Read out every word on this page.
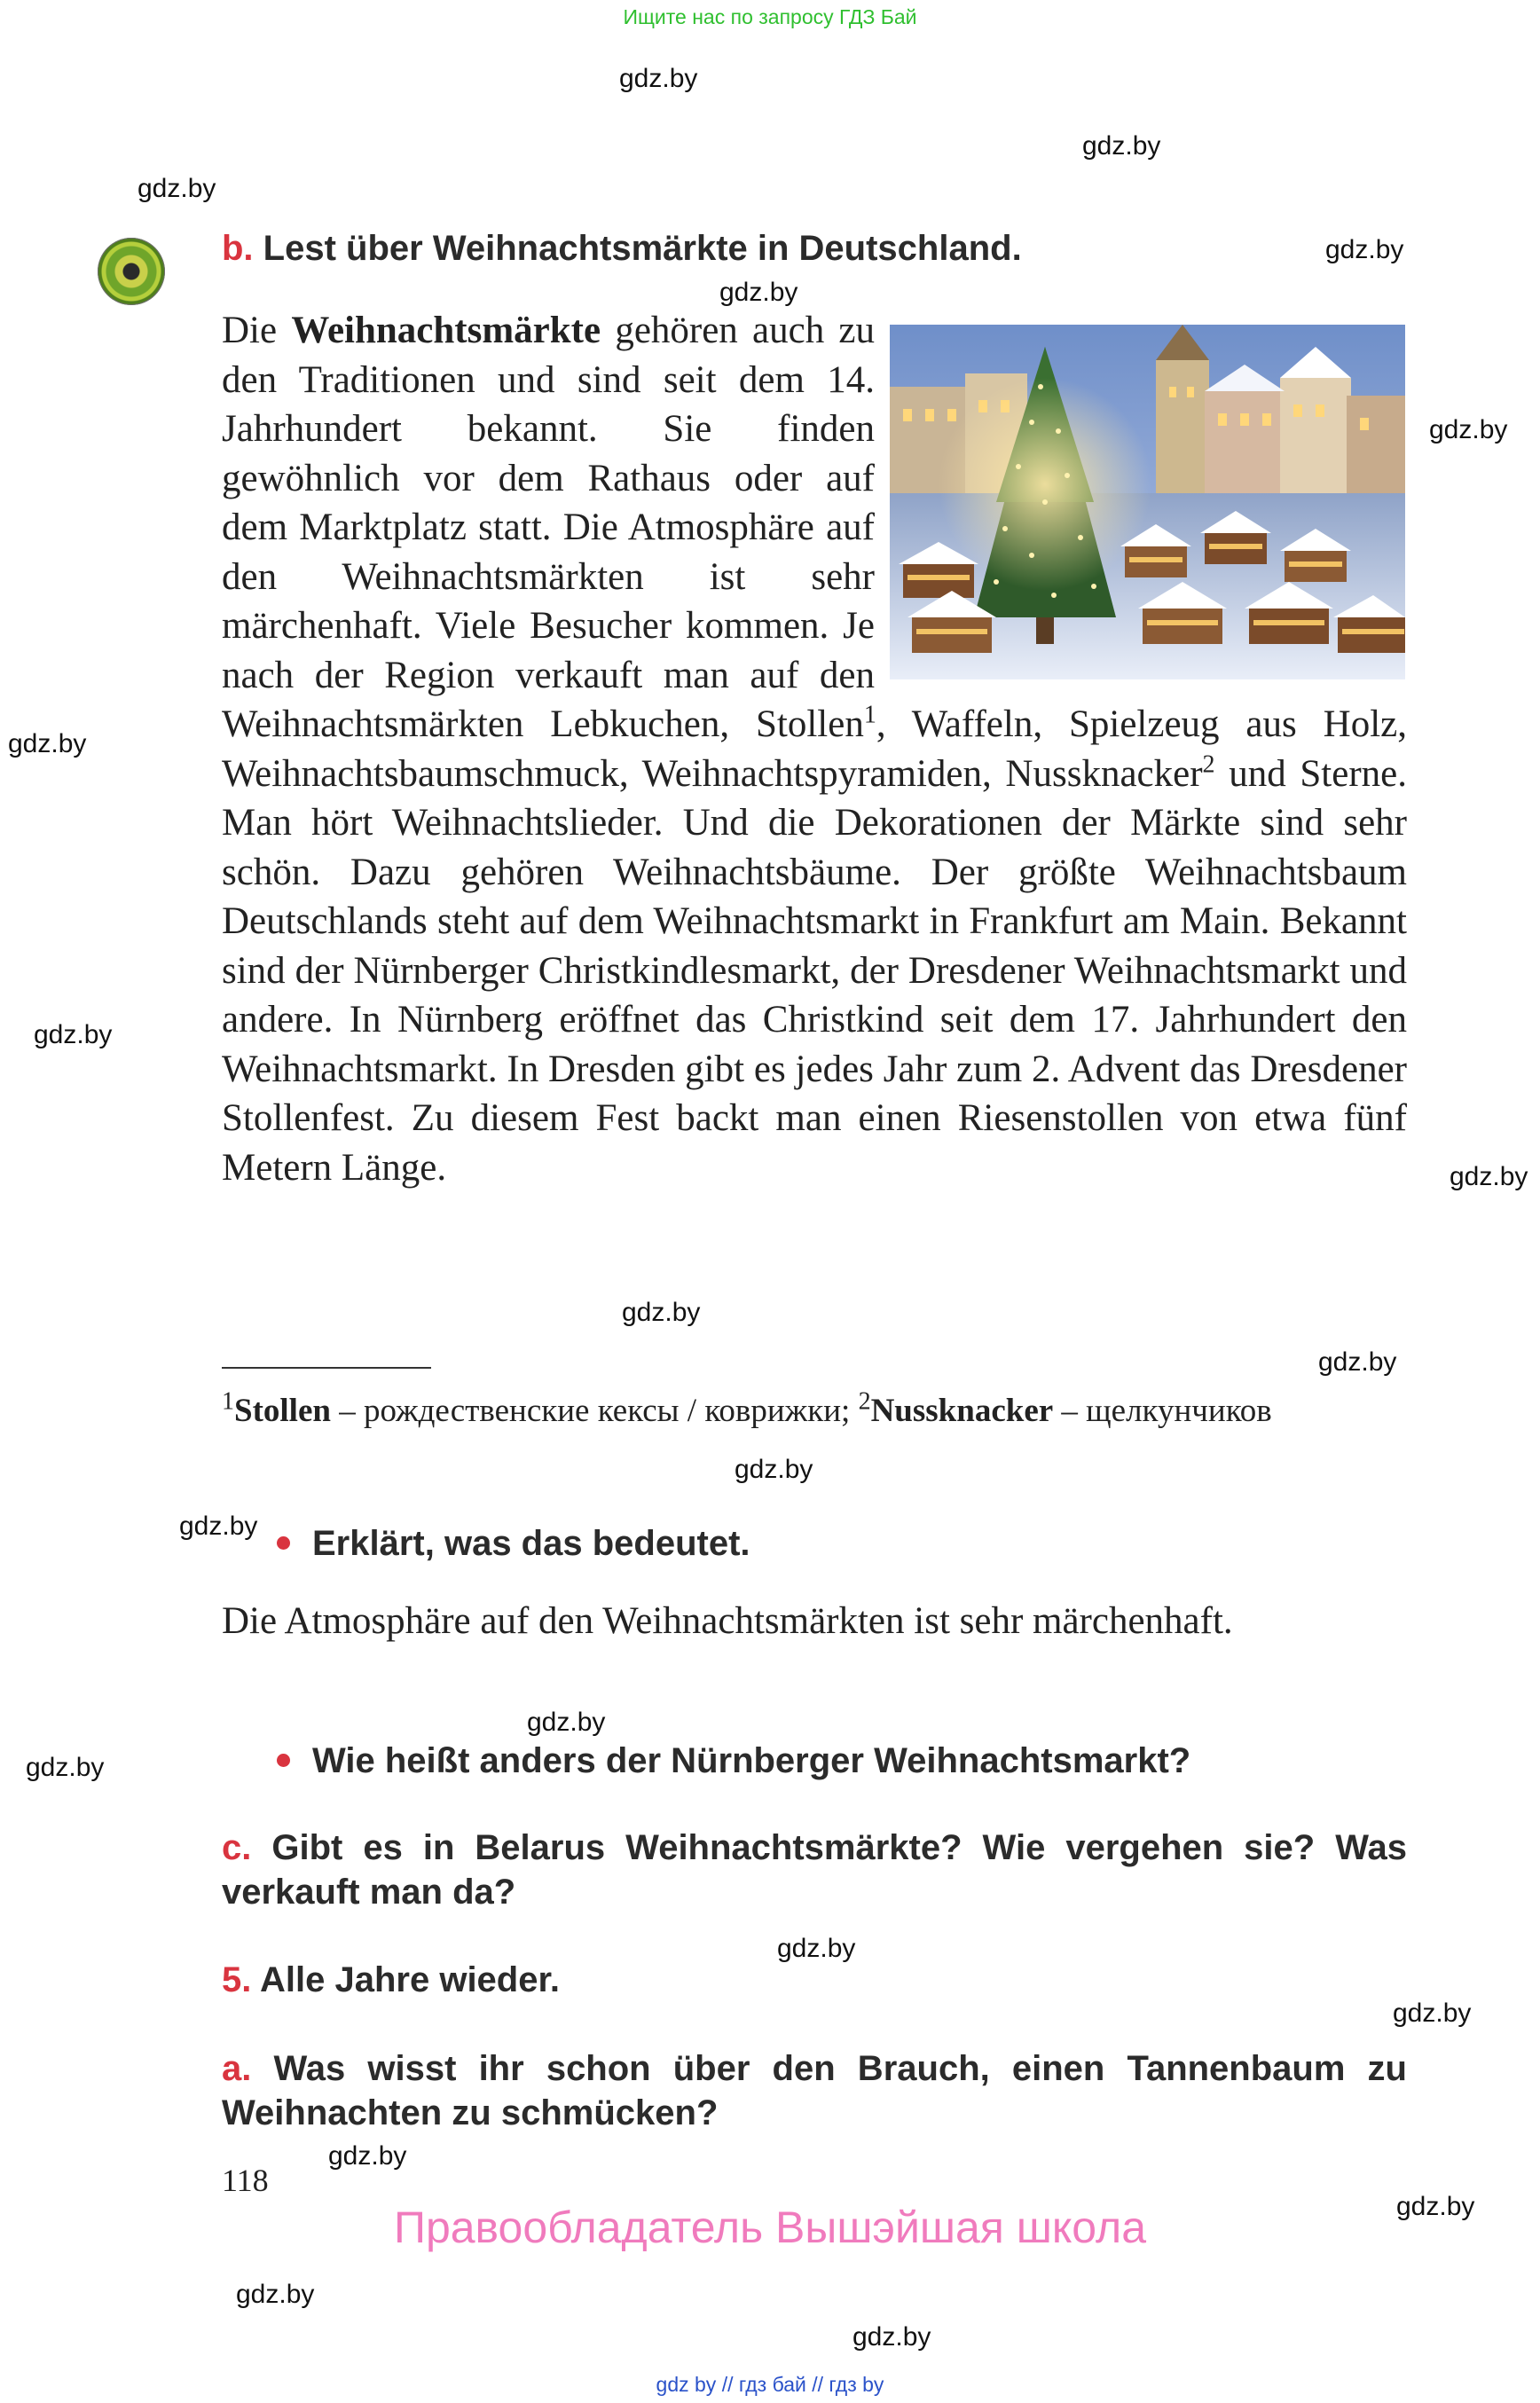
Ищите нас по запросу ГДЗ Бай
gdz.by
gdz.by
gdz.by
gdz.by
gdz.by
gdz.by
gdz.by
gdz.by
gdz.by
gdz.by
gdz.by
gdz.by
gdz.by
gdz.by
gdz.by
gdz.by
gdz.by
gdz.by
gdz.by
gdz.by
gdz.by
b. Lest über Weihnachtsmärkte in Deutschland.

Die Weihnachtsmärkte gehören auch zu den Traditionen und sind seit dem 14. Jahrhundert bekannt. Sie finden gewöhnlich vor dem Rathaus oder auf dem Marktplatz statt. Die Atmosphäre auf den Weihnachtsmärkten ist sehr märchenhaft. Viele Besucher kommen. Je nach der Region verkauft man auf den Weihnachtsmärkten Lebkuchen, Stollen$^1$, Waffeln, Spielzeug aus Holz, Weihnachtsbaumschmuck, Weihnachtspyramiden, Nussknacker$^2$ und Sterne. Man hört Weihnachtslieder. Und die Dekorationen der Märkte sind sehr schön. Dazu gehören Weihnachtsbäume. Der größte Weihnachtsbaum Deutschlands steht auf dem Weihnachtsmarkt in Frankfurt am Main. Bekannt sind der Nürnberger Christkindlesmarkt, der Dresdener Weihnachtsmarkt und andere. In Nürnberg eröffnet das Christkind seit dem 17. Jahrhundert den Weihnachtsmarkt. In Dresden gibt es jedes Jahr zum 2. Advent das Dresdener Stollenfest. Zu diesem Fest backt man einen Riesenstollen von etwa fünf Metern Länge.

$^1$Stollen – рождественские кексы / коврижки; $^2$Nussknacker – щелкунчиков

Erklärt, was das bedeutet.

Die Atmosphäre auf den Weihnachtsmärkten ist sehr märchenhaft.

Wie heißt anders der Nürnberger Weihnachtsmarkt?
c. Gibt es in Belarus Weihnachtsmärkte? Wie vergehen sie? Was verkauft man da?
5. Alle Jahre wieder.
a. Was wisst ihr schon über den Brauch, einen Tannenbaum zu Weihnachten zu schmücken?
118
Правообладатель Вышэйшая школа
gdz by // гдз бай // гдз by
